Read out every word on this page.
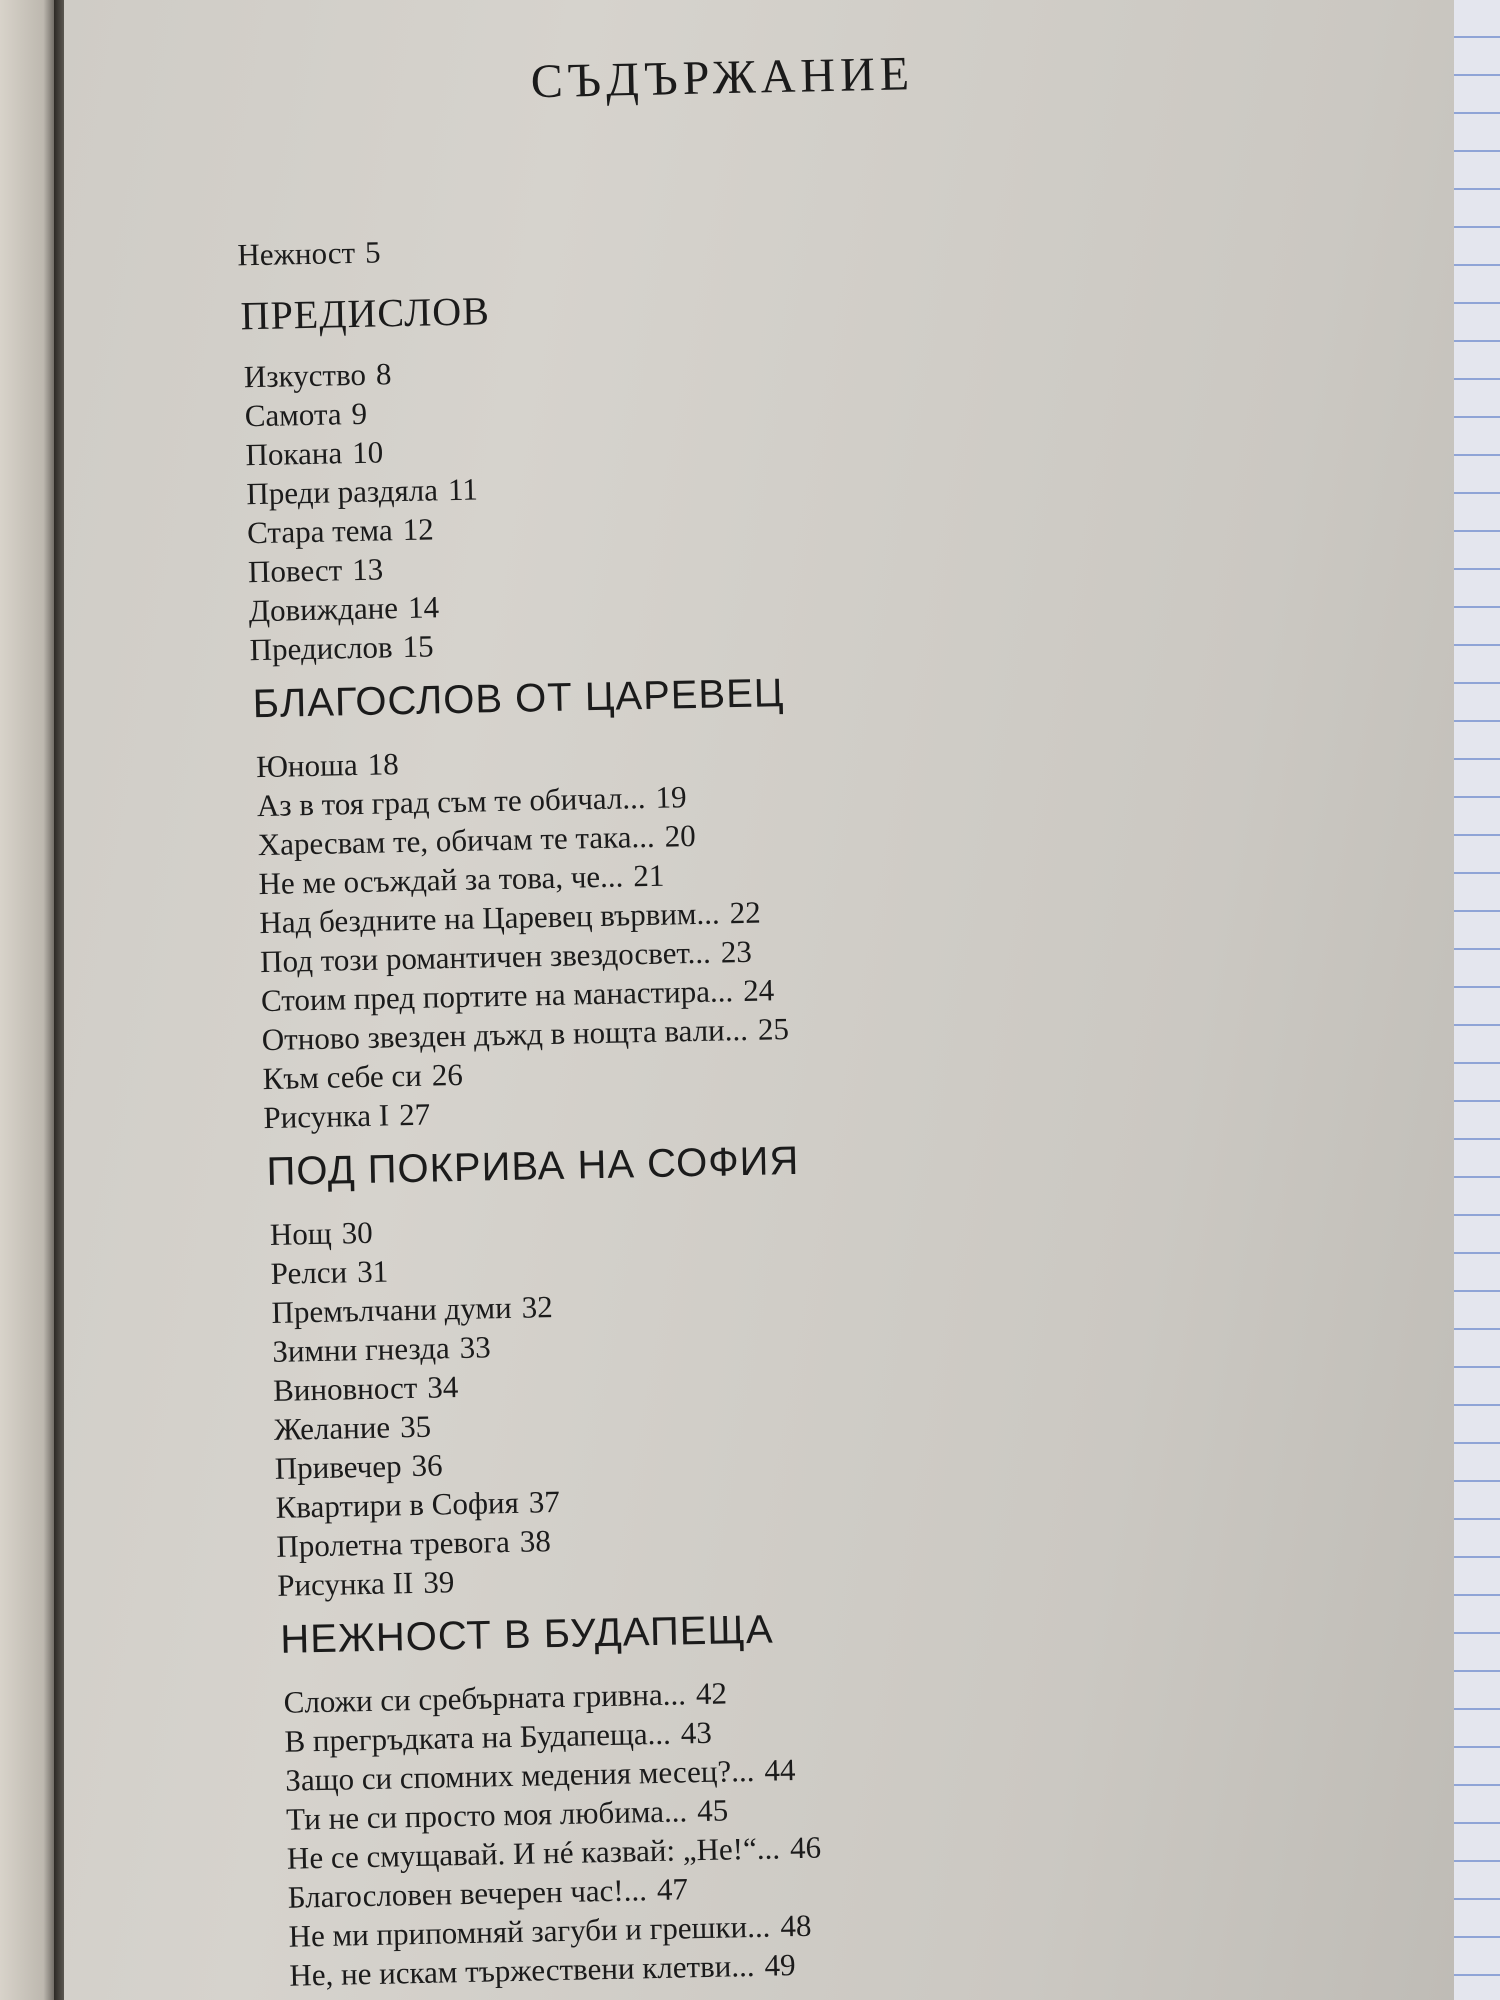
СЪДЪРЖАНИЕ

Нежност 5

ПРЕДИСЛОВ

Изкуство 8

Самота 9

Покана 10

Преди раздяла 11

Стара тема 12

Повест 13

Довиждане 14

Предислов 15

БЛАГОСЛОВ ОТ ЦАРЕВЕЦ

Юноша 18

Аз в тоя град съм те обичал... 19

Харесвам те, обичам те така... 20

Не ме осъждай за това, че... 21

Над бездните на Царевец вървим... 22

Под този романтичен звездосвет... 23

Стоим пред портите на манастира... 24

Отново звезден дъжд в нощта вали... 25

Към себе си 26

Рисунка I 27

ПОД ПОКРИВА НА СОФИЯ

Нощ 30

Релси 31

Премълчани думи 32

Зимни гнезда 33

Виновност 34

Желание 35

Привечер 36

Квартири в София 37

Пролетна тревога 38

Рисунка II 39

НЕЖНОСТ В БУДАПЕЩА

Сложи си сребърната гривна... 42

В прегръдката на Будапеща... 43

Защо си спомних медения месец?... 44

Ти не си просто моя любима... 45

Не се смущавай. И нé казвай: „Не!“... 46

Благословен вечерен час!... 47

Не ми припомняй загуби и грешки... 48

Не, не искам тържествени клетви... 49
